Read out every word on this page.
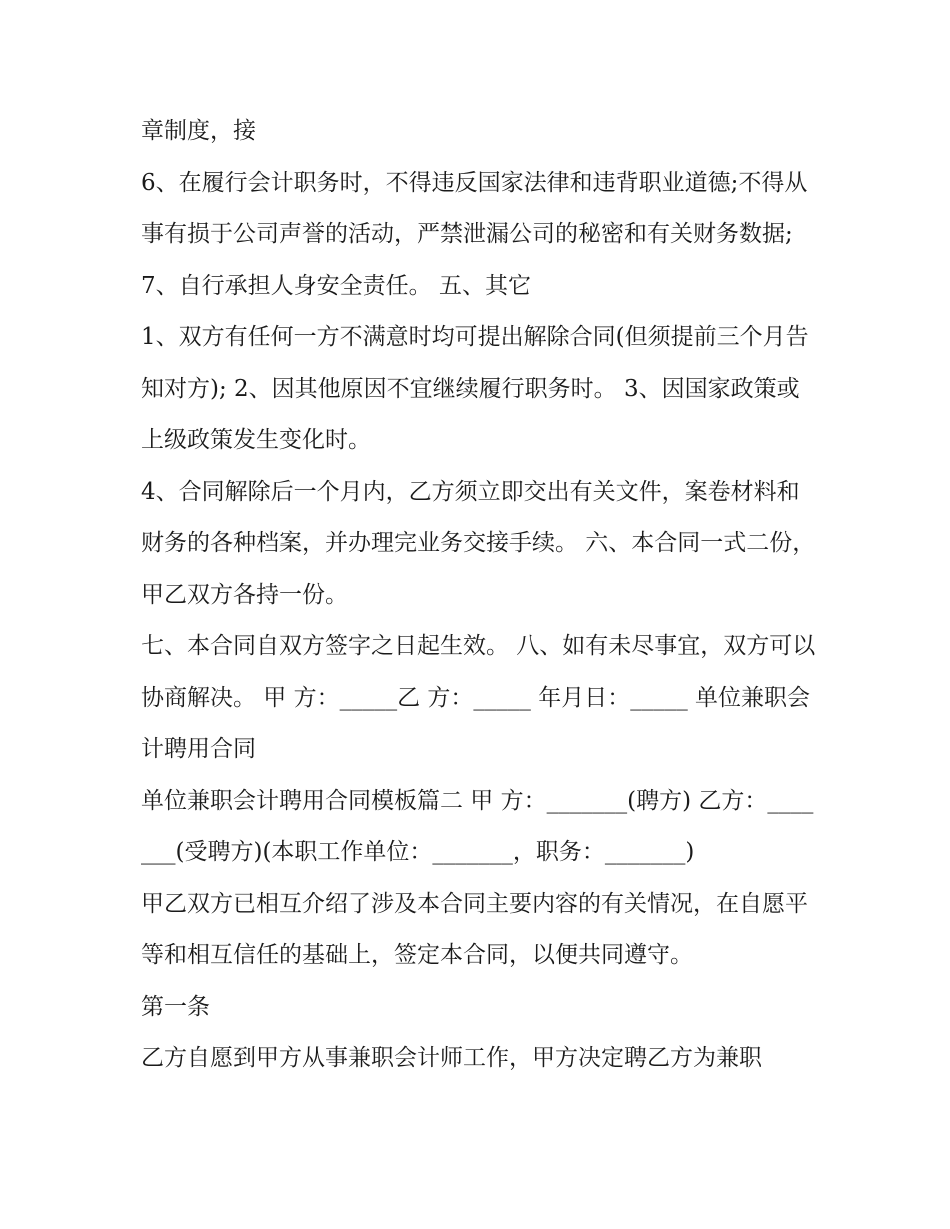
章制度，接

6、在履行会计职务时，不得违反国家法律和违背职业道德;不得从事有损于公司声誉的活动，严禁泄漏公司的秘密和有关财务数据; 7、自行承担人身安全责任。 五、其它

1、双方有任何一方不满意时均可提出解除合同(但须提前三个月告知对方); 2、因其他原因不宜继续履行职务时。 3、因国家政策或上级政策发生变化时。

4、合同解除后一个月内，乙方须立即交出有关文件，案卷材料和财务的各种档案，并办理完业务交接手续。 六、本合同一式二份，甲乙双方各持一份。

七、本合同自双方签字之日起生效。 八、如有未尽事宜，双方可以协商解决。 甲 方：_____乙 方：_____ 年月日：_____ 单位兼职会计聘用合同

单位兼职会计聘用合同模板篇二 甲 方：_______(聘方) 乙方：_______(受聘方)(本职工作单位：_______，职务：_______)

甲乙双方已相互介绍了涉及本合同主要内容的有关情况，在自愿平等和相互信任的基础上，签定本合同，以便共同遵守。

第一条

乙方自愿到甲方从事兼职会计师工作，甲方决定聘乙方为兼职
